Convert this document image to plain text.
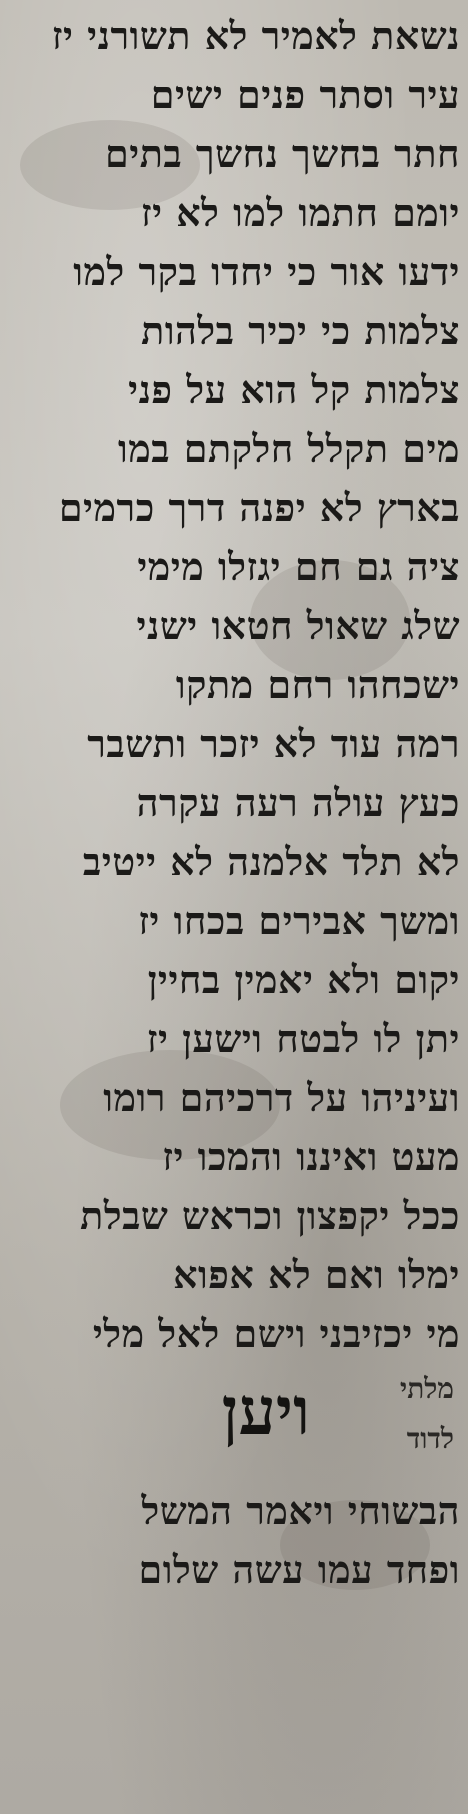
נשאת לאמיר לא תשורני יז
עיר וסתר פנים ישים
חתר בחשך נחשך בתים
יומם חתמו למו לא יז
ידעו אור כי יחדו בקר למו
צלמות כי יכיר בלהות
צלמות קל הוא על פני
מים תקלל חלקתם במו
בארץ לא יפנה דרך כרמים
ציה גם חם יגזלו מימי
שלג שאול חטאו ישני
ישכחהו רחם מתקו
רמה עוד לא יזכר ותשבר
כעץ עולה רעה עקרה
לא תלד אלמנה לא ייטיב
ומשך אבירים בכחו יז
יקום ולא יאמין בחיין
יתן לו לבטח וישען יז
ועיניהו על דרכיהם רומו
מעט ואיננו והמכו יז
ככל יקפצון וכראש שבלת
ימלו ואם לא אפוא
מי יכזיבני וישם לאל מלי
מלתי
לדוד
ויען
הבשוחי ויאמר המשל
ופחד עמו עשה שלום
